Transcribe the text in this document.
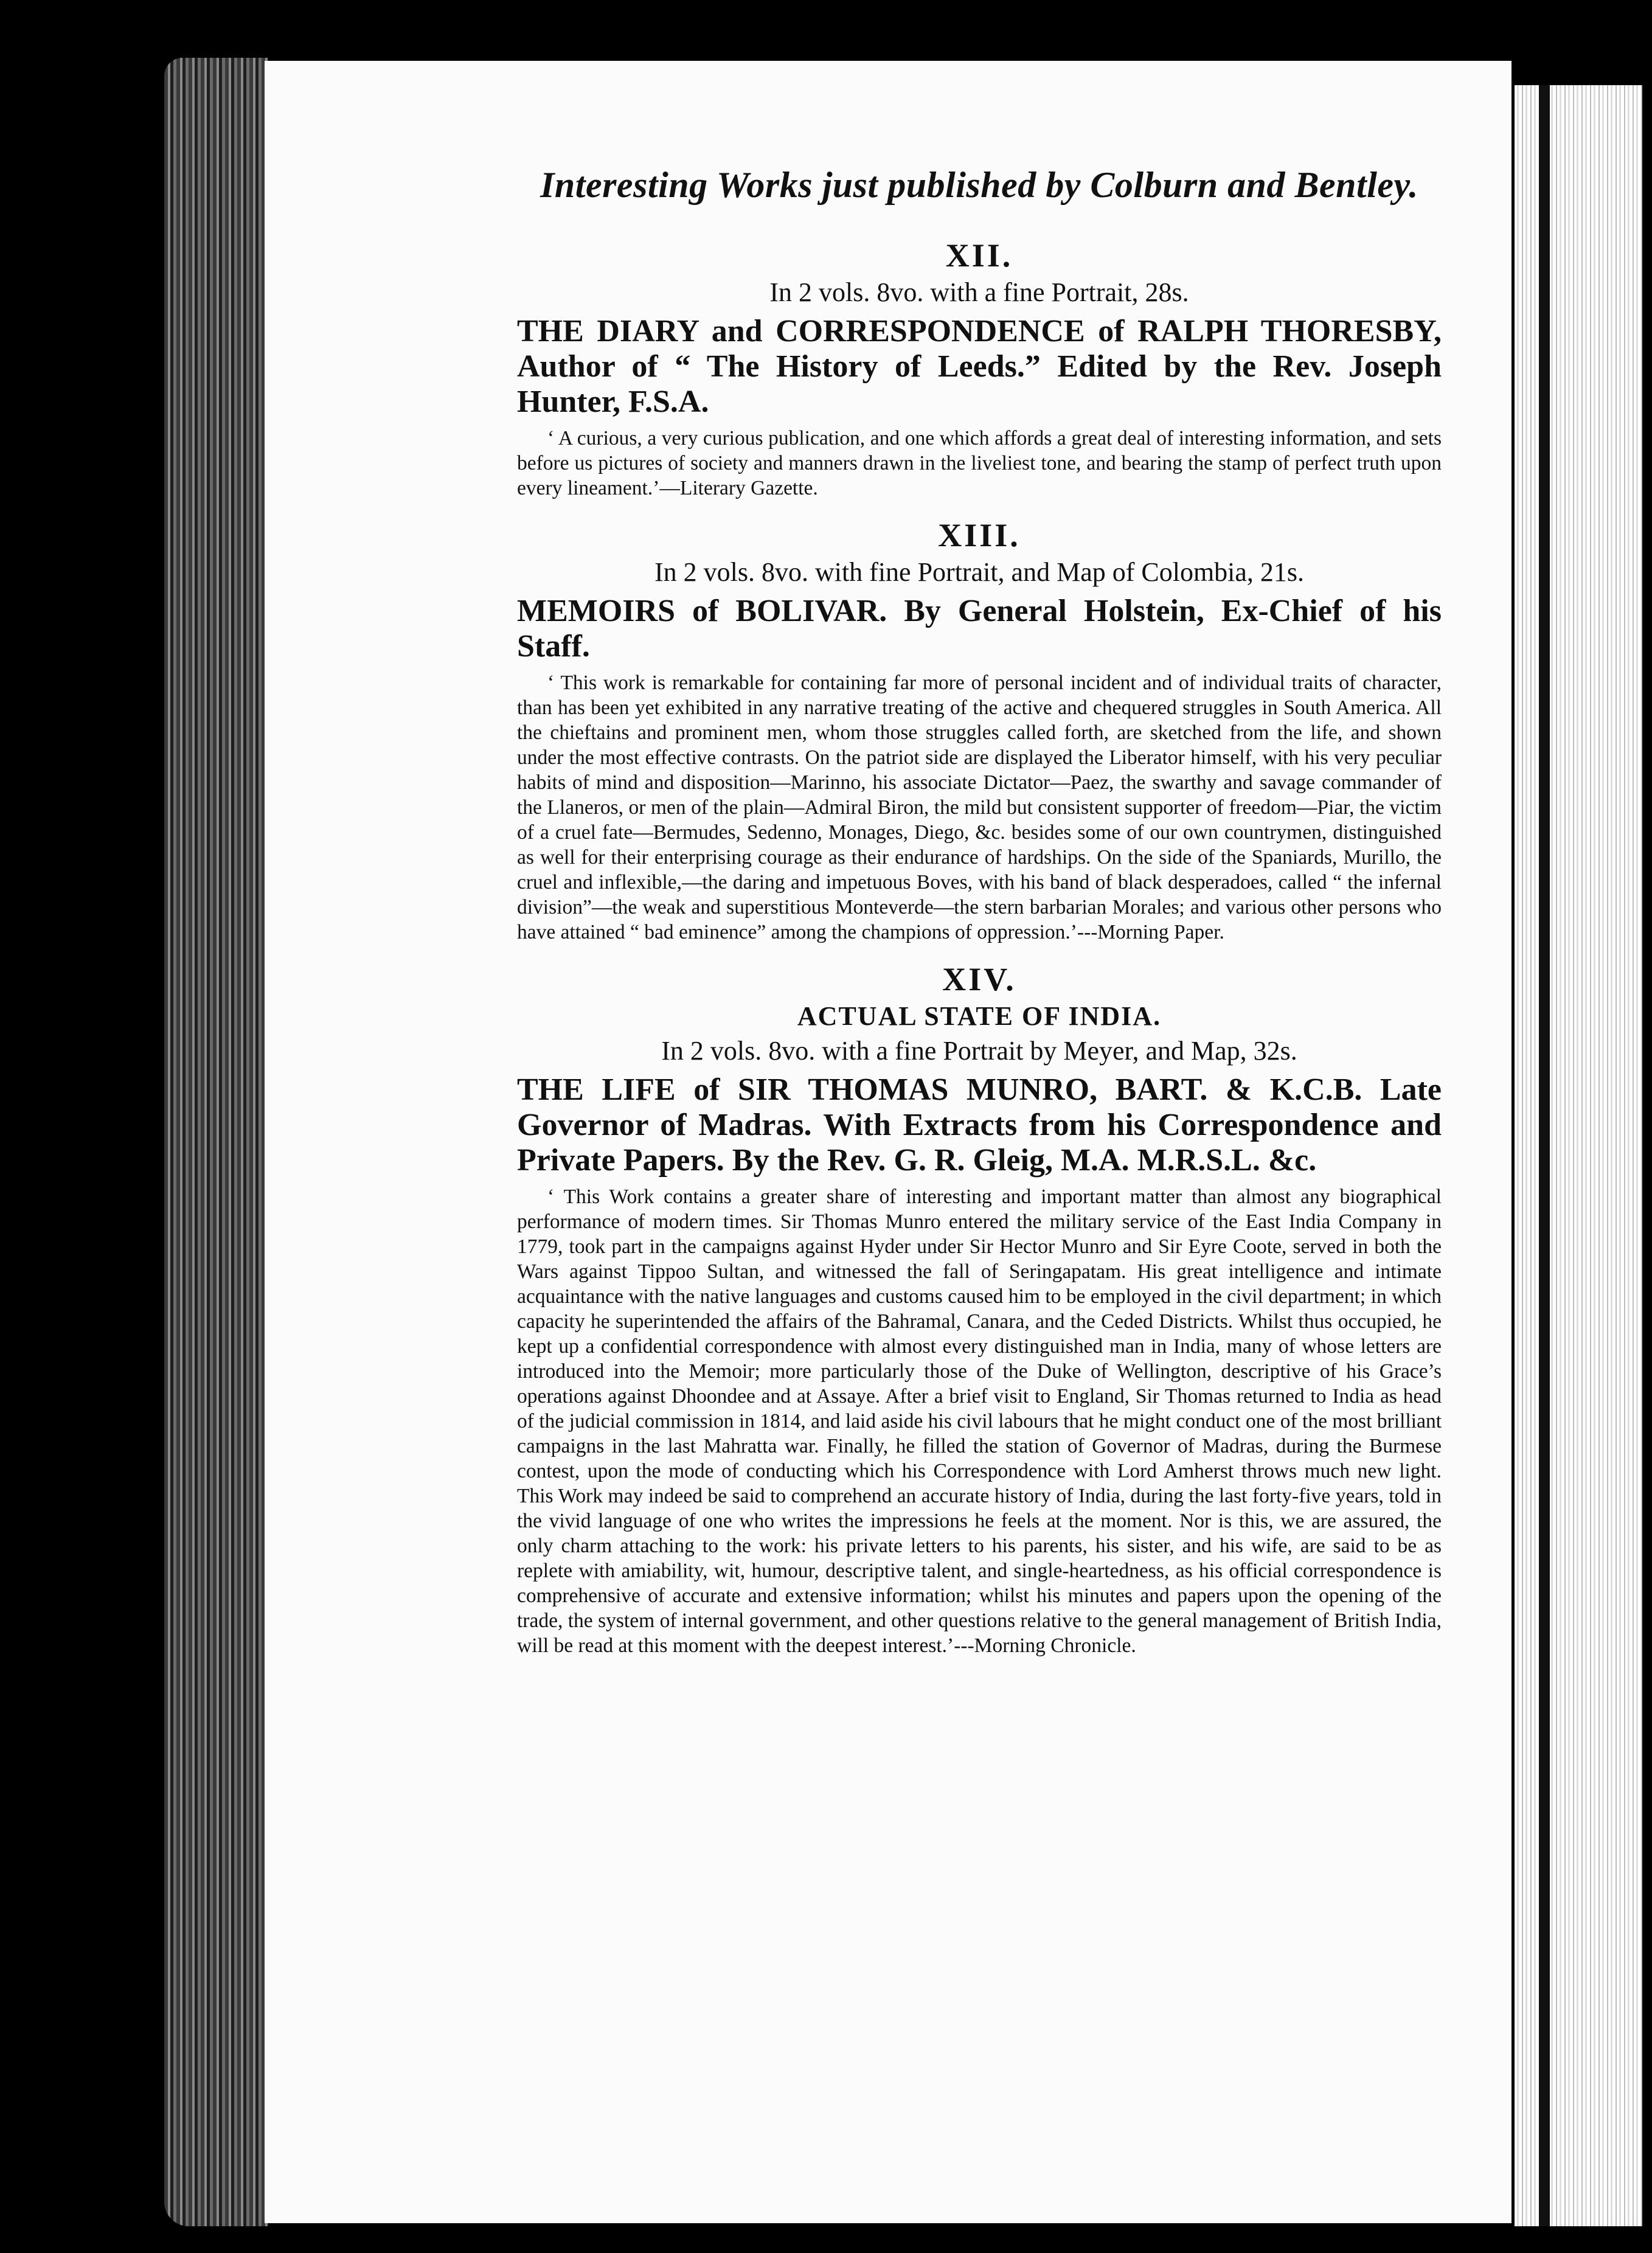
Interesting Works just published by Colburn and Bentley.
XII.
In 2 vols. 8vo. with a fine Portrait, 28s.
THE DIARY and CORRESPONDENCE of RALPH THORESBY, Author of “ The History of Leeds.” Edited by the Rev. Joseph Hunter, F.S.A.

‘ A curious, a very curious publication, and one which affords a great deal of interesting information, and sets before us pictures of society and manners drawn in the liveliest tone, and bearing the stamp of perfect truth upon every lineament.’—Literary Gazette.

XIII.
In 2 vols. 8vo. with fine Portrait, and Map of Colombia, 21s.
MEMOIRS of BOLIVAR. By General Holstein, Ex-Chief of his Staff.

‘ This work is remarkable for containing far more of personal incident and of individual traits of character, than has been yet exhibited in any narrative treating of the active and chequered struggles in South America. All the chieftains and prominent men, whom those struggles called forth, are sketched from the life, and shown under the most effective contrasts. On the patriot side are displayed the Liberator himself, with his very peculiar habits of mind and disposition—Marinno, his associate Dictator—Paez, the swarthy and savage commander of the Llaneros, or men of the plain—Admiral Biron, the mild but consistent supporter of freedom—Piar, the victim of a cruel fate—Bermudes, Sedenno, Monages, Diego, &c. besides some of our own countrymen, distinguished as well for their enterprising courage as their endurance of hardships. On the side of the Spaniards, Murillo, the cruel and inflexible,—the daring and impetuous Boves, with his band of black desperadoes, called “ the infernal division”—the weak and superstitious Monteverde—the stern barbarian Morales; and various other persons who have attained “ bad eminence” among the champions of oppression.’---Morning Paper.

XIV.
ACTUAL STATE OF INDIA.
In 2 vols. 8vo. with a fine Portrait by Meyer, and Map, 32s.
THE LIFE of SIR THOMAS MUNRO, BART. & K.C.B. Late Governor of Madras. With Extracts from his Correspondence and Private Papers. By the Rev. G. R. Gleig, M.A. M.R.S.L. &c.

‘ This Work contains a greater share of interesting and important matter than almost any biographical performance of modern times. Sir Thomas Munro entered the military service of the East India Company in 1779, took part in the campaigns against Hyder under Sir Hector Munro and Sir Eyre Coote, served in both the Wars against Tippoo Sultan, and witnessed the fall of Seringapatam. His great intelligence and intimate acquaintance with the native languages and customs caused him to be employed in the civil department; in which capacity he superintended the affairs of the Bahramal, Canara, and the Ceded Districts. Whilst thus occupied, he kept up a confidential correspondence with almost every distinguished man in India, many of whose letters are introduced into the Memoir; more particularly those of the Duke of Wellington, descriptive of his Grace’s operations against Dhoondee and at Assaye. After a brief visit to England, Sir Thomas returned to India as head of the judicial commission in 1814, and laid aside his civil labours that he might conduct one of the most brilliant campaigns in the last Mahratta war. Finally, he filled the station of Governor of Madras, during the Burmese contest, upon the mode of conducting which his Correspondence with Lord Amherst throws much new light. This Work may indeed be said to comprehend an accurate history of India, during the last forty-five years, told in the vivid language of one who writes the impressions he feels at the moment. Nor is this, we are assured, the only charm attaching to the work: his private letters to his parents, his sister, and his wife, are said to be as replete with amiability, wit, humour, descriptive talent, and single-heartedness, as his official correspondence is comprehensive of accurate and extensive information; whilst his minutes and papers upon the opening of the trade, the system of internal government, and other questions relative to the general management of British India, will be read at this moment with the deepest interest.’---Morning Chronicle.
